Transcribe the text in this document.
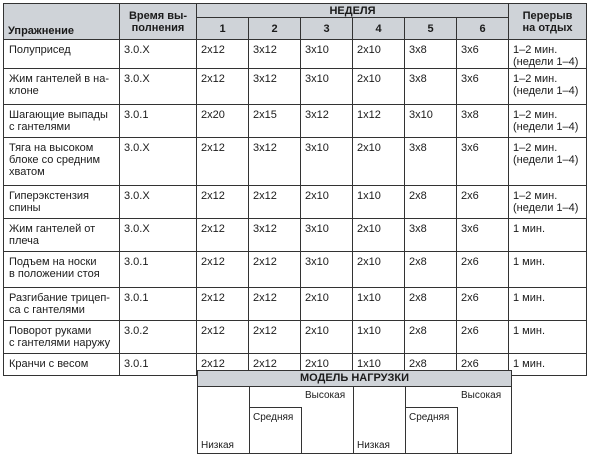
Упражнение	Время вы-
полнения	НЕДЕЛЯ						Перерыв
на отдых
		1	2	3	4	5	6	
Полуприсед	3.0.X	2х12	3х12	3х10	2х10	3х8	3х6	1–2 мин.
(недели 1–4)
Жим гантелей в на-
клоне	3.0.X	2х12	3х12	3х10	2х10	3х8	3х6	1–2 мин.
(недели 1–4)
Шагающие выпады
с гантелями	3.0.1	2х20	2х15	3х12	1х12	3х10	3х8	1–2 мин.
(недели 1–4)
Тяга на высоком
блоке со средним
хватом	3.0.X	2х12	3х12	3х10	2х10	3х8	3х6	1–2 мин.
(недели 1–4)
Гиперэкстензия
спины	3.0.X	2х12	2х12	2х10	1х10	2х8	2х6	1–2 мин.
(недели 1–4)
Жим гантелей от
плеча	3.0.X	2х12	3х12	3х10	2х10	3х8	3х6	1 мин.
Подъем на носки
в положении стоя	3.0.1	2х12	2х12	3х10	2х10	2х8	2х6	1 мин.
Разгибание трицеп-
са с гантелями	3.0.1	2х12	2х12	2х10	1х10	2х8	2х6	1 мин.
Поворот руками
с гантелями наружу	3.0.2	2х12	2х12	2х10	1х10	2х8	2х6	1 мин.
Кранчи с весом	3.0.1	2х12	2х12	2х10	1х10	2х8	2х6	1 мин.
МОДЕЛЬ НАГРУЗКИ
Низкая
Средняя
Высокая
Низкая
Средняя
Высокая
